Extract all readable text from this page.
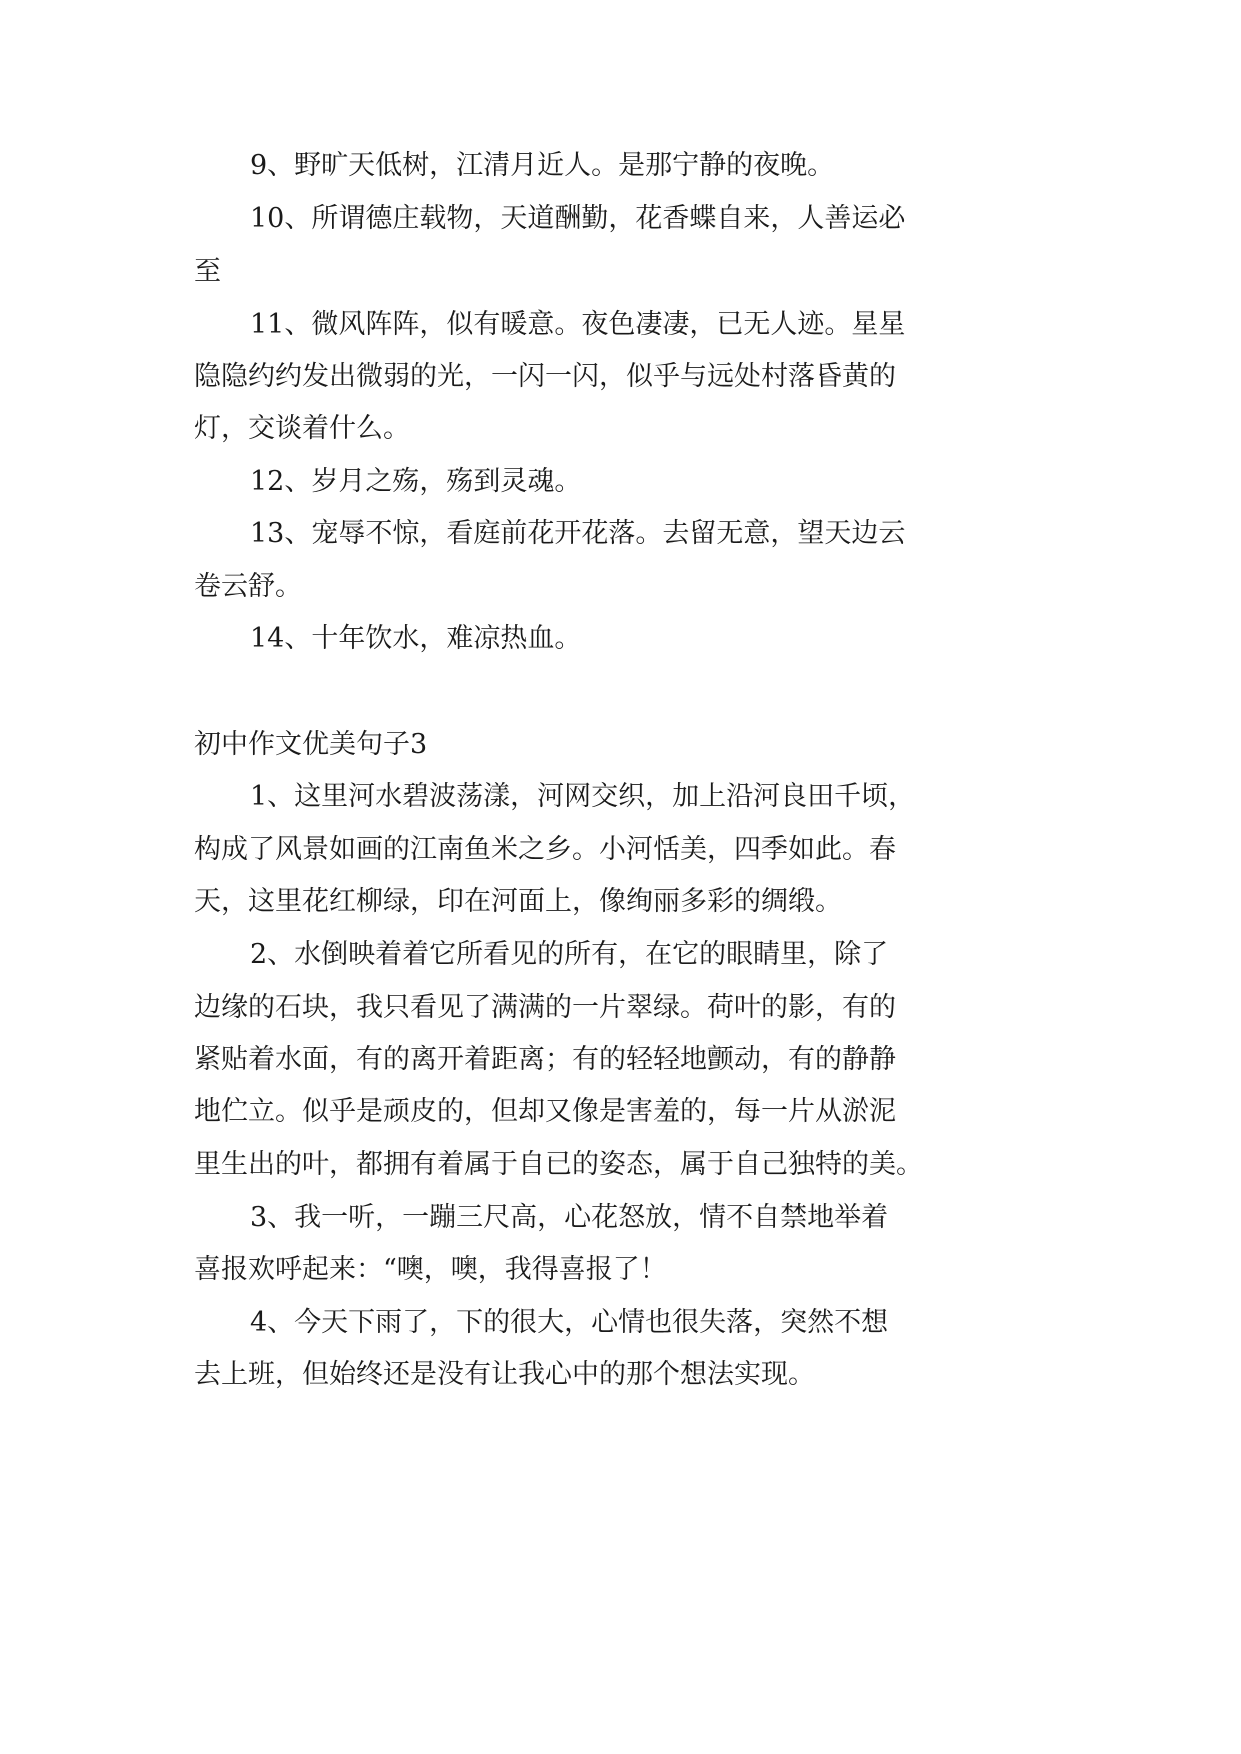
9、野旷天低树，江清月近人。是那宁静的夜晚。
10、所谓德庄载物，天道酬勤，花香蝶自来，人善运必
至
11、微风阵阵，似有暖意。夜色凄凄，已无人迹。星星
隐隐约约发出微弱的光，一闪一闪，似乎与远处村落昏黄的
灯，交谈着什么。
12、岁月之殇，殇到灵魂。
13、宠辱不惊，看庭前花开花落。去留无意，望天边云
卷云舒。
14、十年饮水，难凉热血。
初中作文优美句子3
1、这里河水碧波荡漾，河网交织，加上沿河良田千顷，
构成了风景如画的江南鱼米之乡。小河恬美，四季如此。春
天，这里花红柳绿，印在河面上，像绚丽多彩的绸缎。
2、水倒映着着它所看见的所有，在它的眼睛里，除了
边缘的石块，我只看见了满满的一片翠绿。荷叶的影，有的
紧贴着水面，有的离开着距离；有的轻轻地颤动，有的静静
地伫立。似乎是顽皮的，但却又像是害羞的，每一片从淤泥
里生出的叶，都拥有着属于自已的姿态，属于自己独特的美。
3、我一听，一蹦三尺高，心花怒放，情不自禁地举着
喜报欢呼起来：“噢，噢，我得喜报了！
4、今天下雨了，下的很大，心情也很失落，突然不想
去上班，但始终还是没有让我心中的那个想法实现。
